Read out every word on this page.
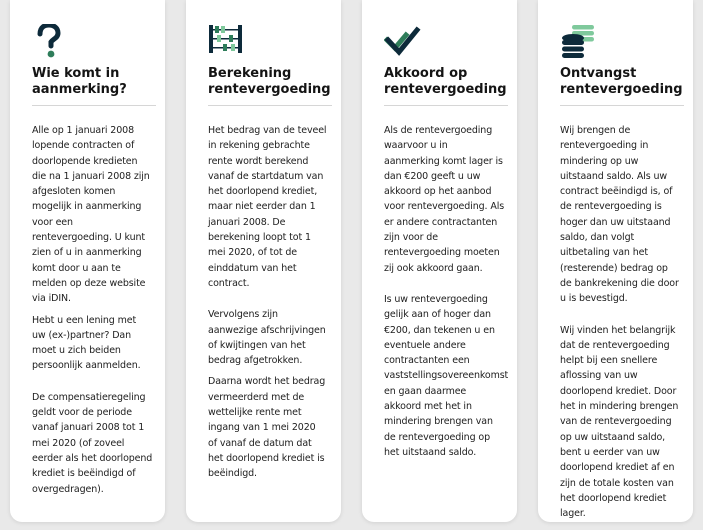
Wie komt in
aanmerking?

Alle op 1 januari 2008
lopende contracten of
doorlopende kredieten
die na 1 januari 2008 zijn
afgesloten komen
mogelijk in aanmerking
voor een
rentevergoeding. U kunt
zien of u in aanmerking
komt door u aan te
melden op deze website
via iDIN.

Hebt u een lening met
uw (ex-)partner? Dan
moet u zich beiden
persoonlijk aanmelden.

De compensatieregeling
geldt voor de periode
vanaf januari 2008 tot 1
mei 2020 (of zoveel
eerder als het doorlopend
krediet is beëindigd of
overgedragen).

Berekening
rentevergoeding

Het bedrag van de teveel
in rekening gebrachte
rente wordt berekend
vanaf de startdatum van
het doorlopend krediet,
maar niet eerder dan 1
januari 2008. De
berekening loopt tot 1
mei 2020, of tot de
einddatum van het
contract.

Vervolgens zijn
aanwezige afschrijvingen
of kwijtingen van het
bedrag afgetrokken.

Daarna wordt het bedrag
vermeerderd met de
wettelijke rente met
ingang van 1 mei 2020
of vanaf de datum dat
het doorlopend krediet is
beëindigd.

Akkoord op
rentevergoeding

Als de rentevergoeding
waarvoor u in
aanmerking komt lager is
dan €200 geeft u uw
akkoord op het aanbod
voor rentevergoeding. Als
er andere contractanten
zijn voor de
rentevergoeding moeten
zij ook akkoord gaan.

Is uw rentevergoeding
gelijk aan of hoger dan
€200, dan tekenen u en
eventuele andere
contractanten een
vaststellingsovereenkomst
en gaan daarmee
akkoord met het in
mindering brengen van
de rentevergoeding op
het uitstaand saldo.

Ontvangst
rentevergoeding

Wij brengen de
rentevergoeding in
mindering op uw
uitstaand saldo. Als uw
contract beëindigd is, of
de rentevergoeding is
hoger dan uw uitstaand
saldo, dan volgt
uitbetaling van het
(resterende) bedrag op
de bankrekening die door
u is bevestigd.

Wij vinden het belangrijk
dat de rentevergoeding
helpt bij een snellere
aflossing van uw
doorlopend krediet. Door
het in mindering brengen
van de rentevergoeding
op uw uitstaand saldo,
bent u eerder van uw
doorlopend krediet af en
zijn de totale kosten van
het doorlopend krediet
lager.
